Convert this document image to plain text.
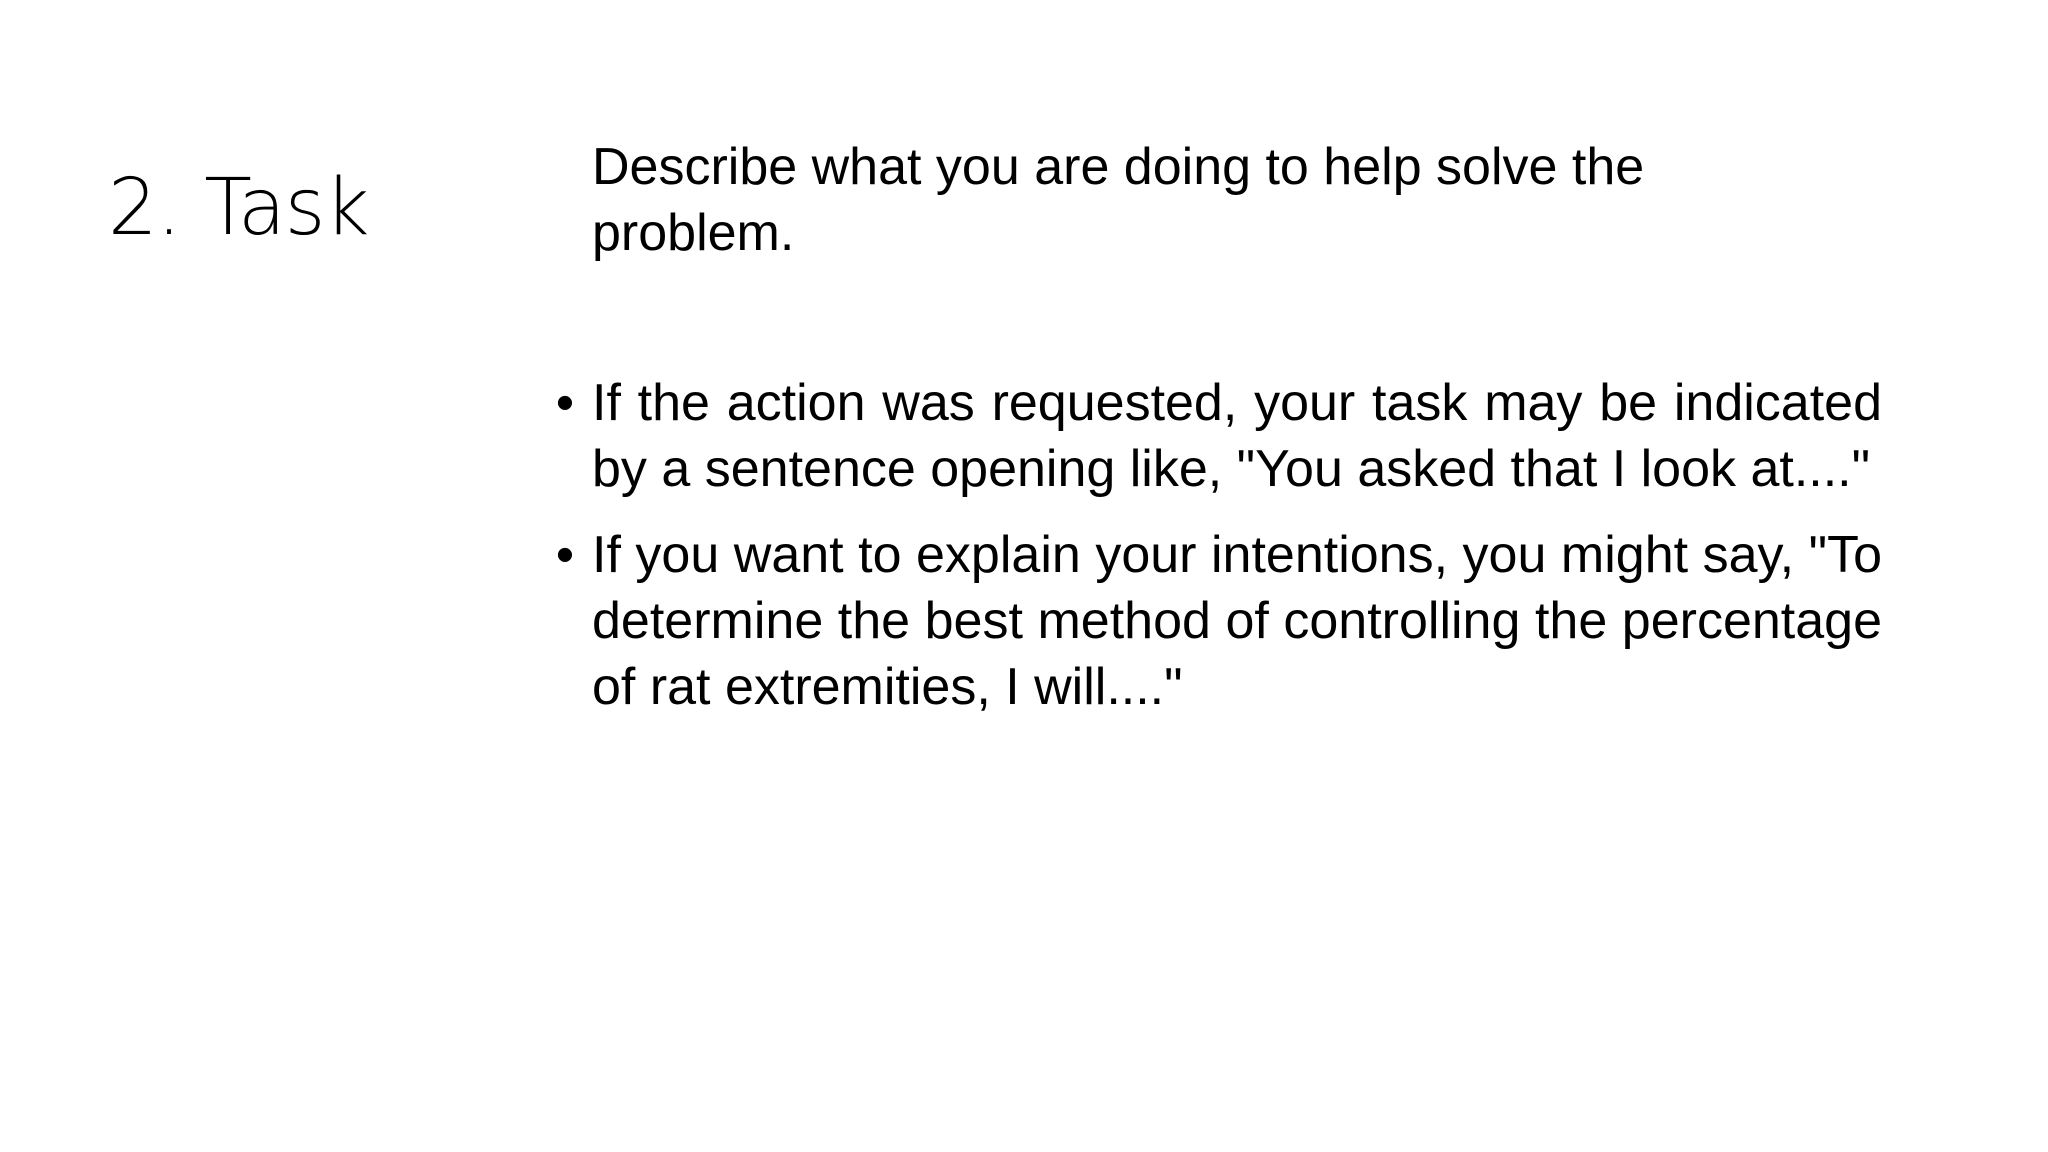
2. Task	Describe what you are doing to help solve the problem.

• If the action was requested, your task may be indicated by a sentence opening like, "You asked that I look at...."
• If you want to explain your intentions, you might say, "To determine the best method of controlling the percentage of rat extremities, I will...."
